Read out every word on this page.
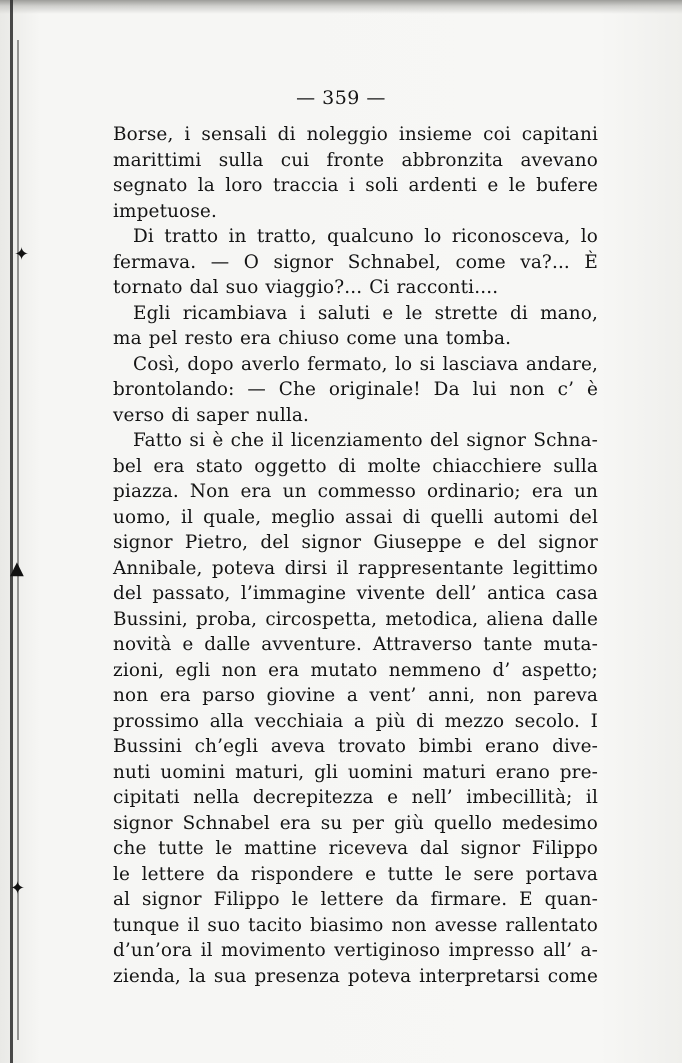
✦
▲
✦
— 359 —
Borse, i sensali di noleggio insieme coi capitani
marittimi sulla cui fronte abbronzita avevano
segnato la loro traccia i soli ardenti e le bufere
impetuose.
Di tratto in tratto, qualcuno lo riconosceva, lo
fermava. — O signor Schnabel, come va?... È
tornato dal suo viaggio?... Ci racconti....
Egli ricambiava i saluti e le strette di mano,
ma pel resto era chiuso come una tomba.
Così, dopo averlo fermato, lo si lasciava andare,
brontolando: — Che originale! Da lui non c’ è
verso di saper nulla.
Fatto si è che il licenziamento del signor Schna-
bel era stato oggetto di molte chiacchiere sulla
piazza. Non era un commesso ordinario; era un
uomo, il quale, meglio assai di quelli automi del
signor Pietro, del signor Giuseppe e del signor
Annibale, poteva dirsi il rappresentante legittimo
del passato, l’immagine vivente dell’ antica casa
Bussini, proba, circospetta, metodica, aliena dalle
novità e dalle avventure. Attraverso tante muta-
zioni, egli non era mutato nemmeno d’ aspetto;
non era parso giovine a vent’ anni, non pareva
prossimo alla vecchiaia a più di mezzo secolo. I
Bussini ch’egli aveva trovato bimbi erano dive-
nuti uomini maturi, gli uomini maturi erano pre-
cipitati nella decrepitezza e nell’ imbecillità; il
signor Schnabel era su per giù quello medesimo
che tutte le mattine riceveva dal signor Filippo
le lettere da rispondere e tutte le sere portava
al signor Filippo le lettere da firmare. E quan-
tunque il suo tacito biasimo non avesse rallentato
d’un’ora il movimento vertiginoso impresso all’ a-
zienda, la sua presenza poteva interpretarsi come
